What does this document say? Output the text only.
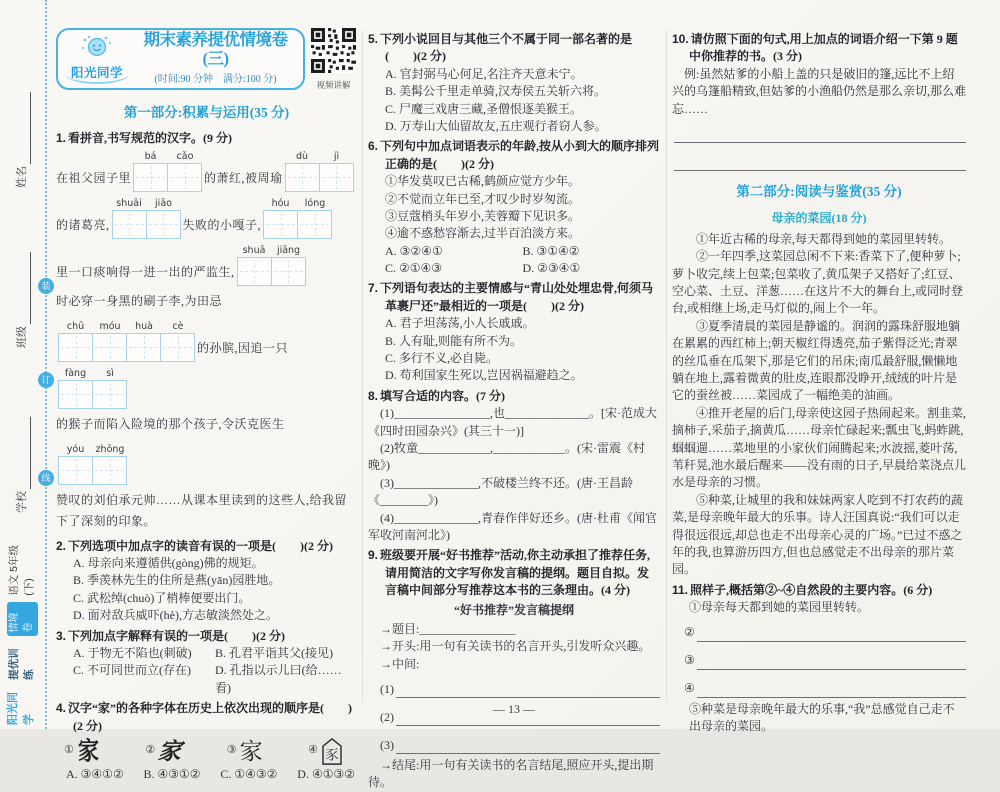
装
订
线
姓名
班级
学校
阳光同学
提优训练
情境卷
语文 5年级(下)
阳光同学
期末素养提优情境卷(三)
(时间:90 分钟　满分:100 分)
视频讲解
第一部分:积累与运用(35 分)
1. 看拼音,书写规范的汉字。(9 分)
在祖父园子里
bá cǎo
的萧红,被周瑜
dù	jì
的诸葛亮,
shuāi jiāo
失败的小嘎子,
hóu lóng
里一口痰响得一进一出的严监生,
shuā jiāng
时必穿一身黑的刷子李,为田忌
chū móu huà cè
的孙膑,因追一只
fàng sì
的猴子而陷入险境的那个孩子,令沃克医生
yóu zhōng
赞叹的刘伯承元帅……从课本里读到的这些人,给我留下了深刻的印象。
2. 下列选项中加点字的读音有误的一项是(　　)(2 分)
A. 母亲向来遵循供(gòng)佛的规矩。
B. 季羡林先生的住所是燕(yān)园胜地。
C. 武松绰(chuò)了梢棒便要出门。
D. 面对敌兵威吓(hè),方志敏淡然处之。
3. 下列加点字解释有误的一项是(　　)(2 分)
A. 于物无不陷也(刺破)	B. 孔君平诣其父(接见)
C. 不可同世而立(存在)	D. 孔指以示儿曰(给……看)
4. 汉字“家”的各种字体在历史上依次出现的顺序是(　　)(2 分)
① 家	② 家	③ 家	④ 豕
A. ③④①② B. ④③①② C. ①④③② D. ④①③②
5. 下列小说回目与其他三个不属于同一部名著的是(　　)(2 分)
A. 官封弼马心何足,名注齐天意未宁。
B. 美髯公千里走单骑,汉寿侯五关斩六将。
C. 尸魔三戏唐三藏,圣僧恨逐美猴王。
D. 万寿山大仙留故友,五庄观行者窃人参。
6. 下列句中加点词语表示的年龄,按从小到大的顺序排列正确的是(　　)(2 分)
①华发莫叹已古稀,鹤颜应觉方少年。
②不觉而立年已至,才叹少时岁匆流。
③豆蔻梢头年岁小,芙蓉瓣下见识多。
④逾不惑愁容渐去,过半百泊淡方来。
A. ③②④①	B. ③①④②
C. ②①④③	D. ②③④①
7. 下列语句表达的主要情感与“青山处处埋忠骨,何须马革裹尸还”最相近的一项是(　　)(2 分)
A. 君子坦荡荡,小人长戚戚。
B. 人有耻,则能有所不为。
C. 多行不义,必自毙。
D. 苟利国家生死以,岂因祸福避趋之。
8. 填写合适的内容。(7 分)
(1)________________,也______________。[宋·范成大《四时田园杂兴》(其三十一)]
(2)牧童____________,____________。(宋·雷震《村晚》)
(3)______________,不破楼兰终不还。(唐·王昌龄《________》)
(4)______________,青春作伴好还乡。(唐·杜甫《闻官军收河南河北》)
9. 班级要开展“好书推荐”活动,你主动承担了推荐任务,请用简洁的文字写你发言稿的提纲。题目自拟。发言稿中间部分写推荐这本书的三条理由。(4 分)
“好书推荐”发言稿提纲
→题目:________________
→开头:用一句有关读书的名言开头,引发听众兴趣。
→中间:
(1)
(2)
(3)
→结尾:用一句有关读书的名言结尾,照应开头,提出期待。
10. 请仿照下面的句式,用上加点的词语介绍一下第 9 题中你推荐的书。(3 分)
例:虽然姑爹的小船上盖的只是破旧的篷,远比不上绍兴的乌篷船精致,但姑爹的小渔船仍然是那么亲切,那么难忘……
第二部分:阅读与鉴赏(35 分)
母亲的菜园(18 分)
①年近古稀的母亲,每天都得到她的菜园里转转。
②一年四季,这菜园总闲不下来:香菜下了,便种萝卜;萝卜收完,续上包菜;包菜收了,黄瓜架子又搭好了;红豆、空心菜、土豆、洋葱……在这片不大的舞台上,或同时登台,或相继上场,走马灯似的,闹上个一年。
③夏季清晨的菜园是静谧的。润润的露珠舒服地躺在累累的西红柿上;朝天椒红得透亮,茄子紫得泛光;青翠的丝瓜垂在瓜架下,那是它们的吊床;南瓜最舒服,懒懒地躺在地上,露着微黄的肚皮,连眼都没睁开,绒绒的叶片是它的蚕丝被……菜园成了一幅绝美的油画。
④推开老屋的后门,母亲使这园子热闹起来。割韭菜,摘柿子,采茄子,摘黄瓜……母亲忙碌起来;瓢虫飞,蚂蚱跳,蝈蝈遛……菜地里的小家伙们闹腾起来;水波摇,菱叶荡,苇秆晃,池水最后醒来——没有雨的日子,早晨给菜浇点儿水是母亲的习惯。
⑤种菜,让城里的我和妹妹两家人吃到不打农药的蔬菜,是母亲晚年最大的乐事。诗人汪国真说:“我们可以走得很远很远,却总也走不出母亲心灵的广场。”已过不惑之年的我,也算游历四方,但也总感觉走不出母亲的那片菜园。
11. 照样子,概括第②~④自然段的主要内容。(6 分)
①母亲每天都到她的菜园里转转。
②
③
④
⑤种菜是母亲晚年最大的乐事,“我”总感觉自己走不出母亲的菜园。
— 13 —
